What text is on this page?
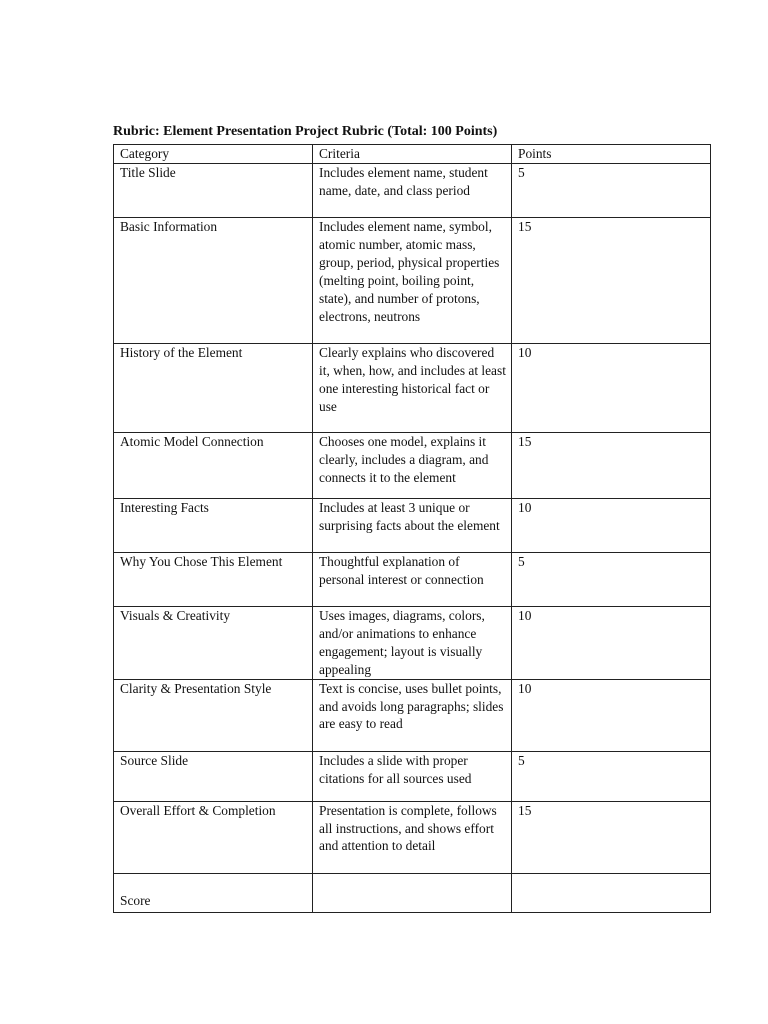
Rubric: Element Presentation Project Rubric (Total: 100 Points)
Category	Criteria	Points
Title Slide	Includes element name, student name, date, and class period	5
Basic Information	Includes element name, symbol, atomic number, atomic mass, group, period, physical properties (melting point, boiling point, state), and number of protons, electrons, neutrons	15
History of the Element	Clearly explains who discovered it, when, how, and includes at least one interesting historical fact or use	10
Atomic Model Connection	Chooses one model, explains it clearly, includes a diagram, and connects it to the element	15
Interesting Facts	Includes at least 3 unique or surprising facts about the element	10
Why You Chose This Element	Thoughtful explanation of personal interest or connection	5
Visuals & Creativity	Uses images, diagrams, colors, and/or animations to enhance engagement; layout is visually appealing	10
Clarity & Presentation Style	Text is concise, uses bullet points, and avoids long paragraphs; slides are easy to read	10
Source Slide	Includes a slide with proper citations for all sources used	5
Overall Effort & Completion	Presentation is complete, follows all instructions, and shows effort and attention to detail	15
Score		
